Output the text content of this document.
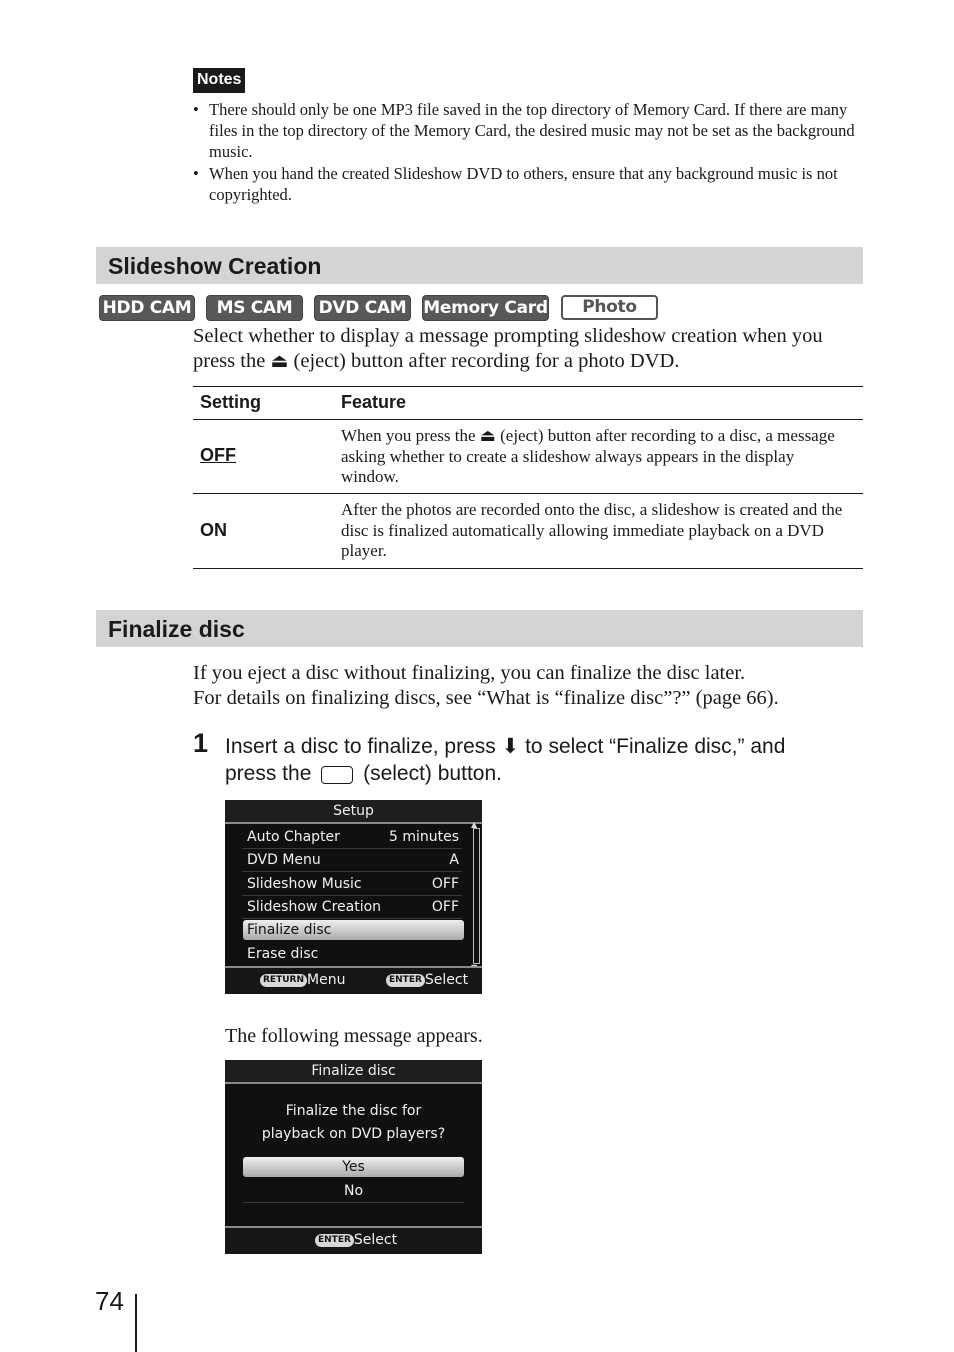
Notes
• There should only be one MP3 file saved in the top directory of Memory Card. If there are many files in the top directory of the Memory Card, the desired music may not be set as the background music.
• When you hand the created Slideshow DVD to others, ensure that any background music is not copyrighted.
Slideshow Creation
HDD CAM	MS CAM	DVD CAM Memory Card	Photo
Select whether to display a message prompting slideshow creation when you
press the ⏏ (eject) button after recording for a photo DVD.
Setting	Feature
OFF
When you press the ⏏ (eject) button after recording to a disc, a message asking whether to create a slideshow always appears in the display window.
ON
After the photos are recorded onto the disc, a slideshow is created and the disc is finalized automatically allowing immediate playback on a DVD player.
Finalize disc
If you eject a disc without finalizing, you can finalize the disc later.
For details on finalizing discs, see “What is “finalize disc”?” (page 66).
1 Insert a disc to finalize, press ⬇ to select “Finalize disc,” and
press the (select) button.
Setup
Auto Chapter	5 minutes
DVD Menu	A
Slideshow Music	OFF
Slideshow Creation	OFF
Finalize disc
Erase disc
▲
RETURN Menu	ENTER Select
The following message appears.
Finalize disc
Finalize the disc for
playback on DVD players?
Yes
No
ENTER Select
74
